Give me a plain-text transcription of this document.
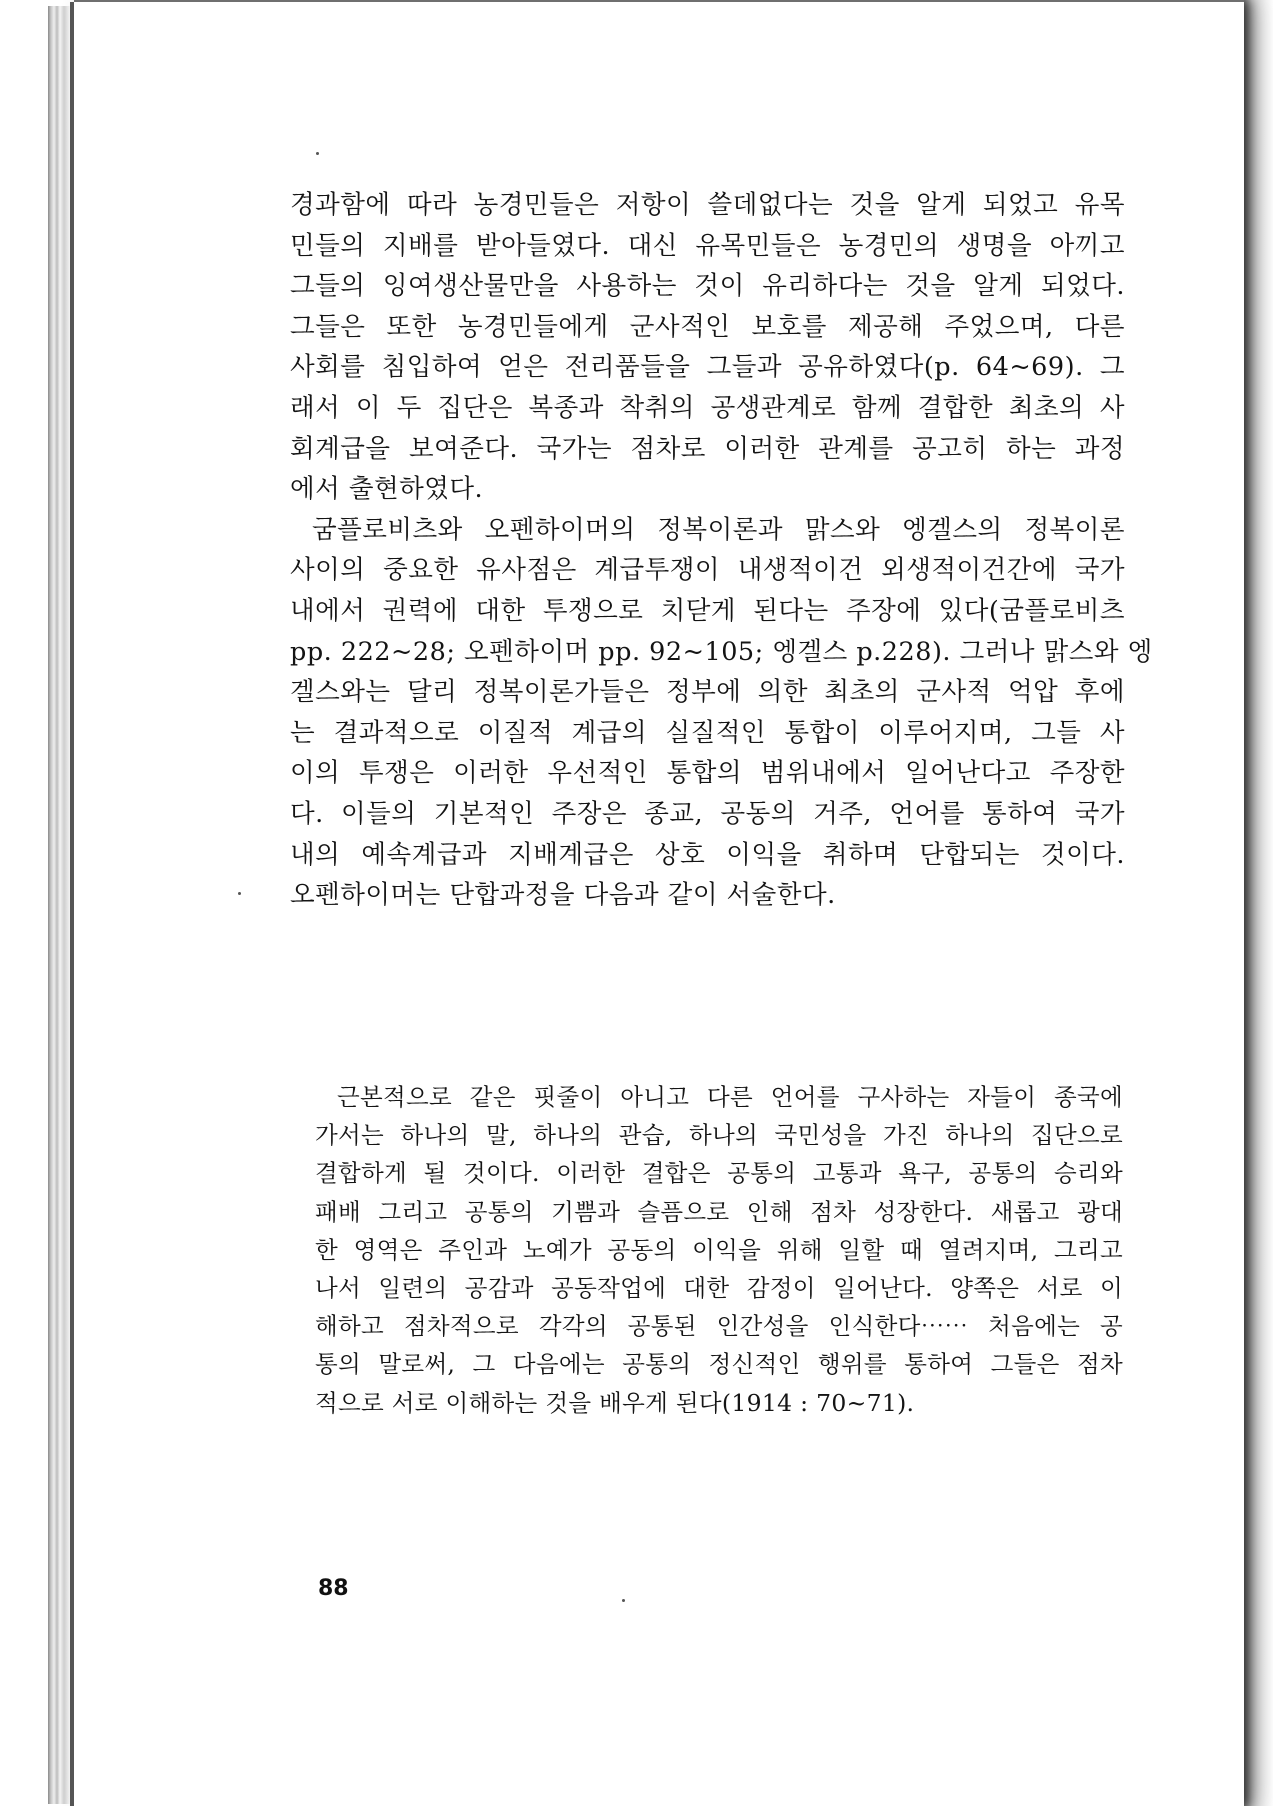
경과함에 따라 농경민들은 저항이 쓸데없다는 것을 알게 되었고 유목
민들의 지배를 받아들였다. 대신 유목민들은 농경민의 생명을 아끼고
그들의 잉여생산물만을 사용하는 것이 유리하다는 것을 알게 되었다.
그들은 또한 농경민들에게 군사적인 보호를 제공해 주었으며, 다른
사회를 침입하여 얻은 전리품들을 그들과 공유하였다(p. 64~69). 그
래서 이 두 집단은 복종과 착취의 공생관계로 함께 결합한 최초의 사
회계급을 보여준다. 국가는 점차로 이러한 관계를 공고히 하는 과정
에서 출현하였다.

굼플로비츠와 오펜하이머의 정복이론과 맑스와 엥겔스의 정복이론
사이의 중요한 유사점은 계급투쟁이 내생적이건 외생적이건간에 국가
내에서 권력에 대한 투쟁으로 치닫게 된다는 주장에 있다(굼플로비츠
pp. 222~28; 오펜하이머 pp. 92~105; 엥겔스 p.228). 그러나 맑스와 엥
겔스와는 달리 정복이론가들은 정부에 의한 최초의 군사적 억압 후에
는 결과적으로 이질적 계급의 실질적인 통합이 이루어지며, 그들 사
이의 투쟁은 이러한 우선적인 통합의 범위내에서 일어난다고 주장한
다. 이들의 기본적인 주장은 종교, 공동의 거주, 언어를 통하여 국가
내의 예속계급과 지배계급은 상호 이익을 취하며 단합되는 것이다.
오펜하이머는 단합과정을 다음과 같이 서술한다.

근본적으로 같은 핏줄이 아니고 다른 언어를 구사하는 자들이 종국에
가서는 하나의 말, 하나의 관습, 하나의 국민성을 가진 하나의 집단으로
결합하게 될 것이다. 이러한 결합은 공통의 고통과 욕구, 공통의 승리와
패배 그리고 공통의 기쁨과 슬픔으로 인해 점차 성장한다. 새롭고 광대
한 영역은 주인과 노예가 공동의 이익을 위해 일할 때 열려지며, 그리고
나서 일련의 공감과 공동작업에 대한 감정이 일어난다. 양쪽은 서로 이
해하고 점차적으로 각각의 공통된 인간성을 인식한다⋯⋯ 처음에는 공
통의 말로써, 그 다음에는 공통의 정신적인 행위를 통하여 그들은 점차
적으로 서로 이해하는 것을 배우게 된다(1914 : 70~71).
88
